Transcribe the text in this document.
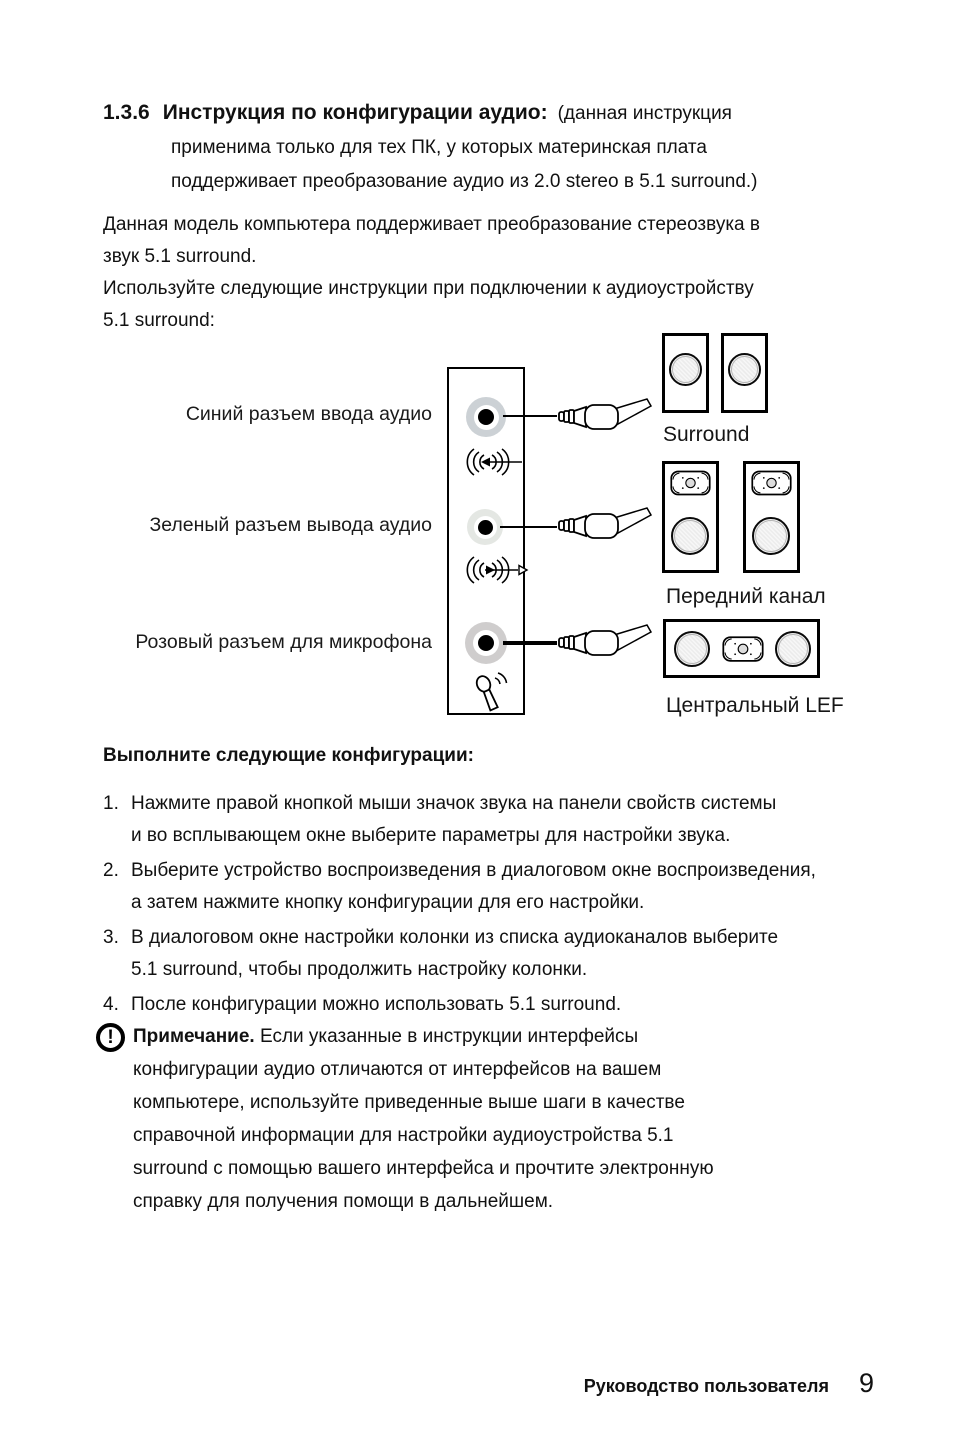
1.3.6 Инструкция по конфигурации аудио: (данная инструкция
применима только для тех ПК, у которых материнская плата
поддерживает преобразование аудио из 2.0 stereo в 5.1 surround.)
Данная модель компьютера поддерживает преобразование стереозвука в
звук 5.1 surround.
Используйте следующие инструкции при подключении к аудиоустройству
5.1 surround:
Синий разъем ввода аудио
Зеленый разъем вывода аудио
Розовый разъем для микрофона
Surround
Передний канал
Центральный LEF
Выполните следующие конфигурации:
1. Нажмите правой кнопкой мыши значок звука на панели свойств системы
и во всплывающем окне выберите параметры для настройки звука.
2. Выберите устройство воспроизведения в диалоговом окне воспроизведения,
а затем нажмите кнопку конфигурации для его настройки.
3. В диалоговом окне настройки колонки из списка аудиоканалов выберите
5.1 surround, чтобы продолжить настройку колонки.
4. После конфигурации можно использовать 5.1 surround.
!	Примечание. Если указанные в инструкции интерфейсы
конфигурации аудио отличаются от интерфейсов на вашем
компьютере, используйте приведенные выше шаги в качестве
справочной информации для настройки аудиоустройства 5.1
surround с помощью вашего интерфейса и прочтите электронную
справку для получения помощи в дальнейшем.
Руководство пользователя 9
